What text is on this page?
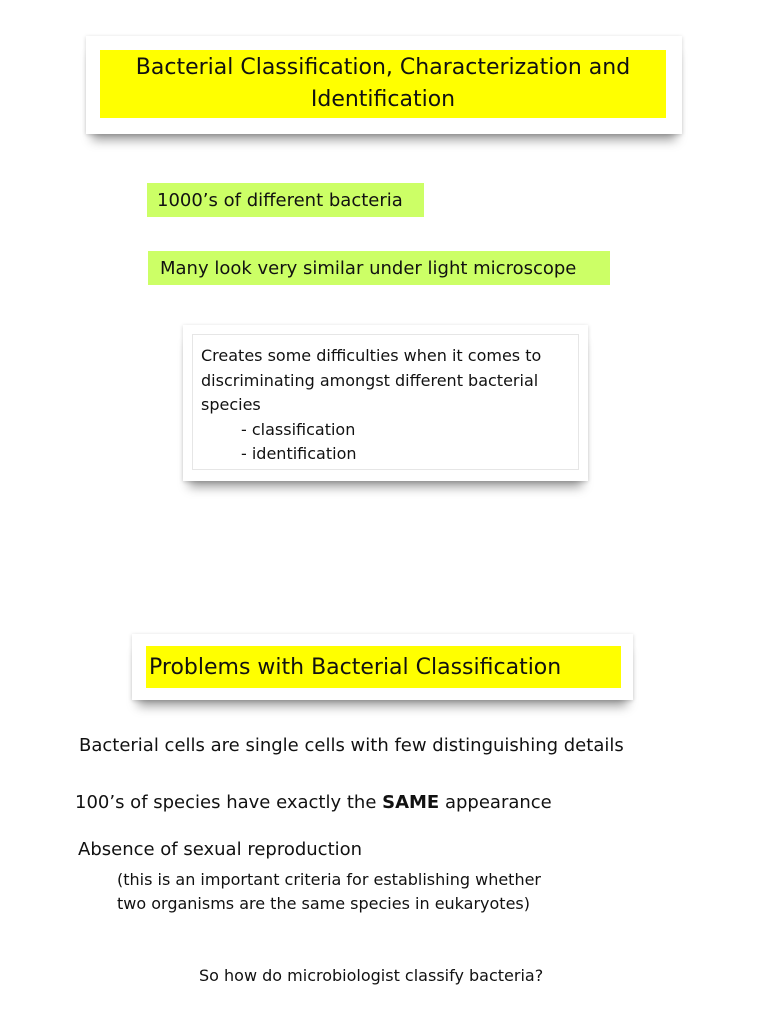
Bacterial Classification, Characterization and
Identification
1000’s of different bacteria
Many look very similar under light microscope
Creates some difficulties when it comes to discriminating amongst different bacterial species
- classification
- identification
Problems with Bacterial Classification
Bacterial cells are single cells with few distinguishing details
100’s of species have exactly the SAME appearance
Absence of sexual reproduction
(this is an important criteria for establishing whether
two organisms are the same species in eukaryotes)
So how do microbiologist classify bacteria?
